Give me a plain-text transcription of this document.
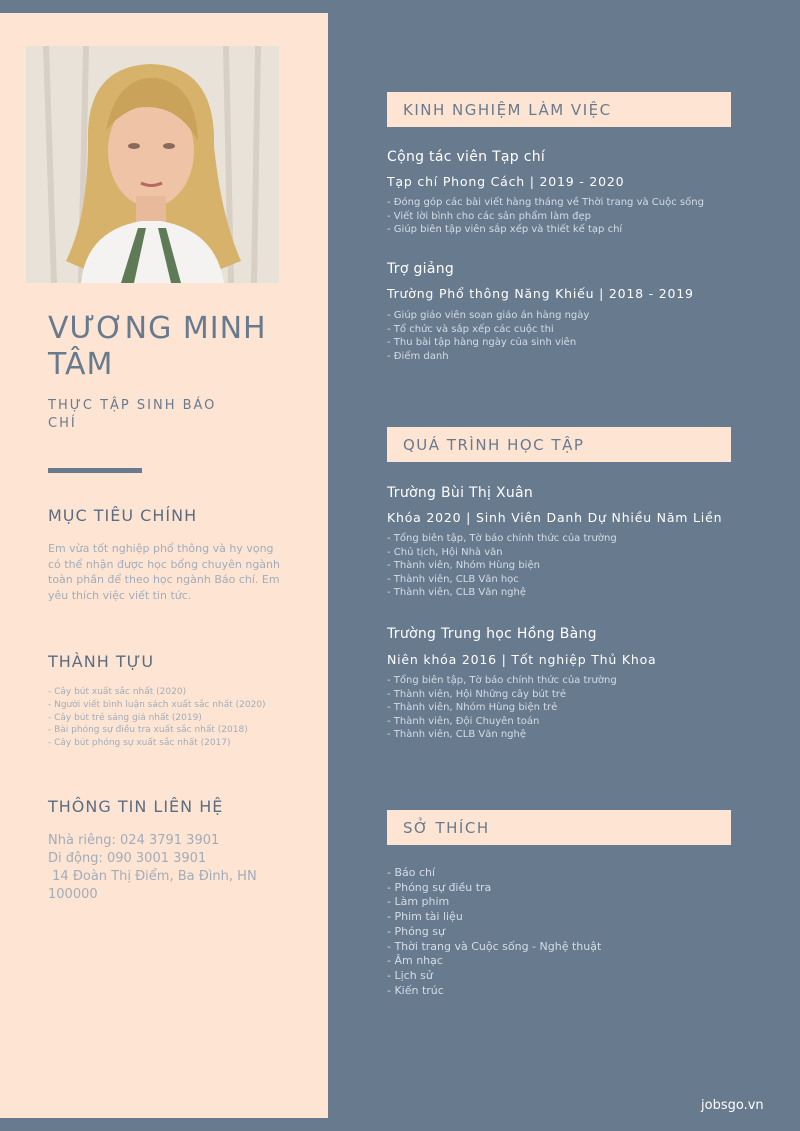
VƯƠNG MINH TÂM
THỰC TẬP SINH BÁO CHÍ
MỤC TIÊU CHÍNH
Em vừa tốt nghiệp phổ thông và hy vọng có thể nhận được học bổng chuyên ngành toàn phần để theo học ngành Báo chí. Em yêu thích việc viết tin tức.
THÀNH TỰU
- Cây bút xuất sắc nhất (2020)
- Người viết bình luận sách xuất sắc nhất (2020)
- Cây bút trẻ sáng giá nhất (2019)
- Bài phóng sự điều tra xuất sắc nhất (2018)
- Cây bút phóng sự xuất sắc nhất (2017)
THÔNG TIN LIÊN HỆ
Nhà riêng: 024 3791 3901
Di động: 090 3001 3901
14 Đoàn Thị Điểm, Ba Đình, HN 100000
KINH NGHIỆM LÀM VIỆC
Cộng tác viên Tạp chí
Tạp chí Phong Cách | 2019 - 2020
- Đóng góp các bài viết hàng tháng về Thời trang và Cuộc sống
- Viết lời bình cho các sản phẩm làm đẹp
- Giúp biên tập viên sắp xếp và thiết kế tạp chí
Trợ giảng
Trường Phổ thông Năng Khiếu | 2018 - 2019
- Giúp giáo viên soạn giáo án hàng ngày
- Tổ chức và sắp xếp các cuộc thi
- Thu bài tập hàng ngày của sinh viên
- Điểm danh
QUÁ TRÌNH HỌC TẬP
Trường Bùi Thị Xuân
Khóa 2020 | Sinh Viên Danh Dự Nhiều Năm Liền
- Tổng biên tập, Tờ báo chính thức của trường
- Chủ tịch, Hội Nhà văn
- Thành viên, Nhóm Hùng biện
- Thành viên, CLB Văn học
- Thành viên, CLB Văn nghệ
Trường Trung học Hồng Bàng
Niên khóa 2016 | Tốt nghiệp Thủ Khoa
- Tổng biên tập, Tờ báo chính thức của trường
- Thành viên, Hội Những cây bút trẻ
- Thành viên, Nhóm Hùng biện trẻ
- Thành viên, Đội Chuyên toán
- Thành viên, CLB Văn nghệ
SỞ THÍCH
- Báo chí
- Phóng sự điều tra
- Làm phim
- Phim tài liệu
- Phóng sự
- Thời trang và Cuộc sống - Nghệ thuật
- Âm nhạc
- Lịch sử
- Kiến trúc
jobsgo.vn
